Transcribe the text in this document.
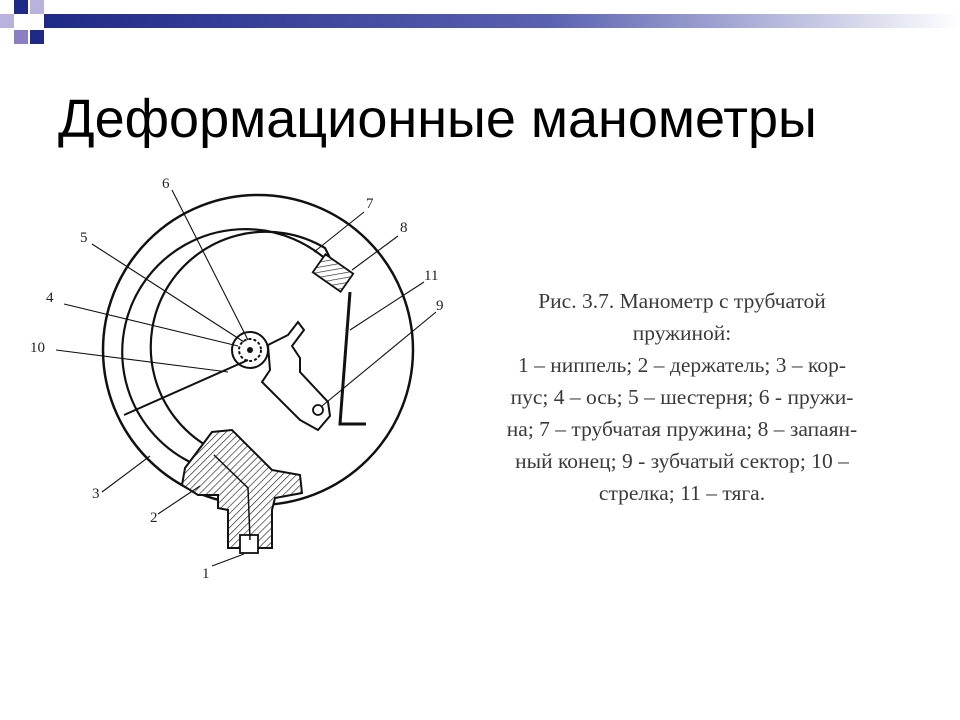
Деформационные манометры
6
7
8
5
11
4	9
10
3
2
1
Рис. 3.7. Манометр с трубчатой
пружиной:
1 – ниппель; 2 – держатель; 3 – кор-
пус; 4 – ось; 5 – шестерня; 6 - пружи-
на; 7 – трубчатая пружина; 8 – запаян-
ный конец; 9 - зубчатый сектор; 10 –
стрелка; 11 – тяга.
